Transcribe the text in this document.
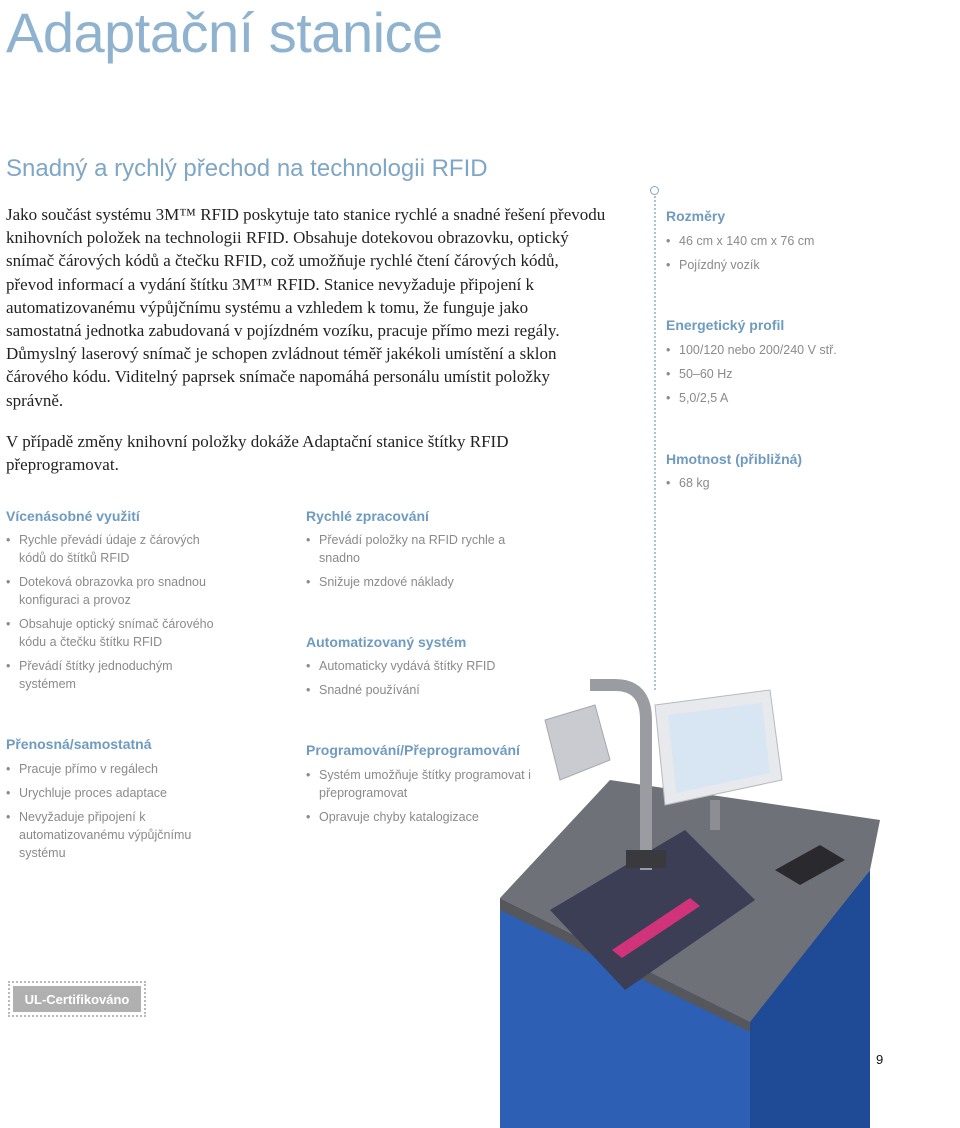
Adaptační stanice
Snadný a rychlý přechod na technologii RFID

Jako součást systému 3M™ RFID poskytuje tato stanice rychlé a snadné řešení převodu knihovních položek na technologii RFID. Obsahuje dotekovou obrazovku, optický snímač čárových kódů a čtečku RFID, což umožňuje rychlé čtení čárových kódů, převod informací a vydání štítku 3M™ RFID. Stanice nevyžaduje připojení k automatizovanému výpůjčnímu systému a vzhledem k tomu, že funguje jako samostatná jednotka zabudovaná v pojízdném vozíku, pracuje přímo mezi regály. Důmyslný laserový snímač je schopen zvládnout téměř jakékoli umístění a sklon čárového kódu. Viditelný paprsek snímače napomáhá personálu umístit položky správně.

V případě změny knihovní položky dokáže Adaptační stanice štítky RFID přeprogramovat.

Vícenásobné využití
• Rychle převádí údaje z čárových kódů do štítků RFID
• Doteková obrazovka pro snadnou konfiguraci a provoz
• Obsahuje optický snímač čárového kódu a čtečku štítku RFID
• Převádí štítky jednoduchým systémem
Přenosná/samostatná
• Pracuje přímo v regálech
• Urychluje proces adaptace
• Nevyžaduje připojení k automatizovanému výpůjčnímu systému
Rychlé zpracování
• Převádí položky na RFID rychle a snadno
• Snižuje mzdové náklady
Automatizovaný systém
• Automaticky vydává štítky RFID
• Snadné používání
Programování/Přeprogramování
• Systém umožňuje štítky programovat i přeprogramovat
• Opravuje chyby katalogizace
Rozměry
• 46 cm x 140 cm x 76 cm
• Pojízdný vozík
Energetický profil
• 100/120 nebo 200/240 V stř.
• 50–60 Hz
• 5,0/2,5 A
Hmotnost (přibližná)
• 68 kg
UL-Certifikováno
9
